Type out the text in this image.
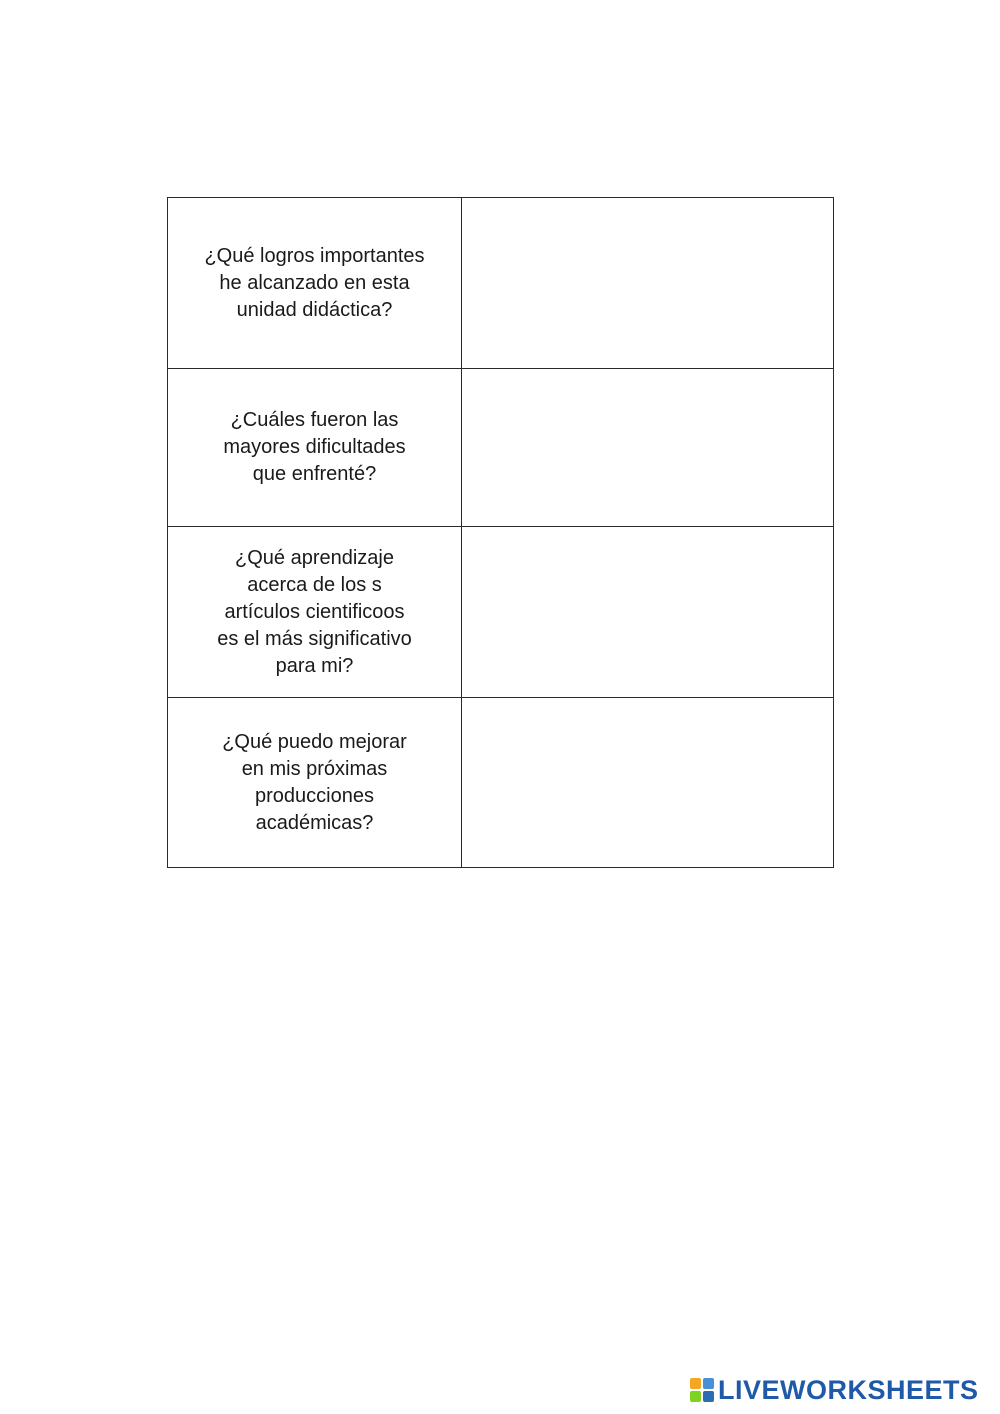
¿Qué logros importantes
he alcanzado en esta
unidad didáctica?	

¿Cuáles fueron las
mayores dificultades
que enfrenté?	

¿Qué aprendizaje
acerca de los s
artículos cientificoos
es el más significativo
para mi?	

¿Qué puedo mejorar
en mis próximas
producciones
académicas?	

LIVEWORKSHEETS
